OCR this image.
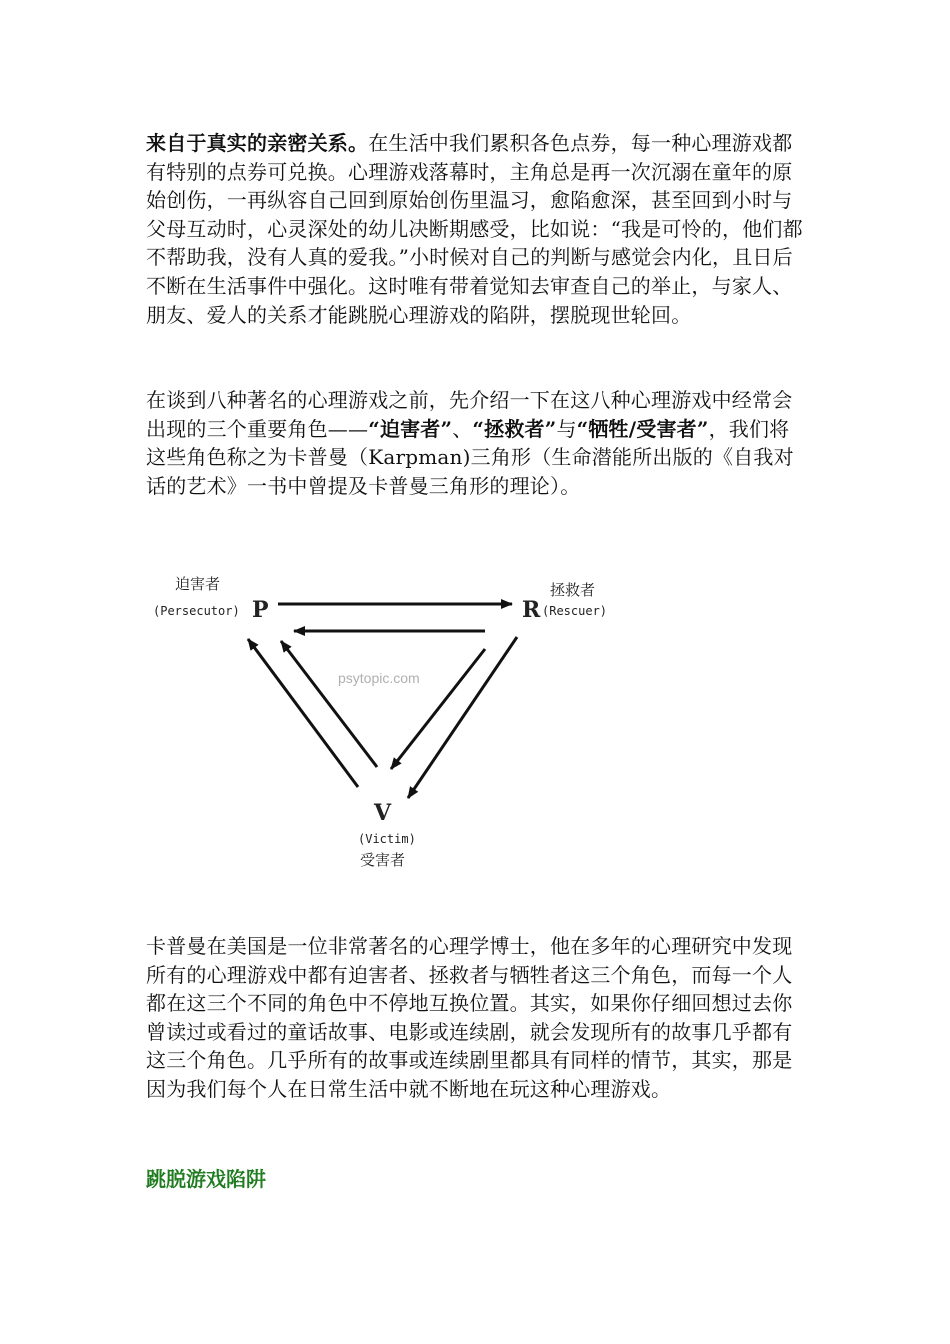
来自于真实的亲密关系。在生活中我们累积各色点券，每一种心理游戏都有特别的点券可兑换。心理游戏落幕时，主角总是再一次沉溺在童年的原始创伤，一再纵容自己回到原始创伤里温习，愈陷愈深，甚至回到小时与父母互动时，心灵深处的幼儿决断期感受，比如说：“我是可怜的，他们都不帮助我，没有人真的爱我。”小时候对自己的判断与感觉会内化，且日后不断在生活事件中强化。这时唯有带着觉知去审查自己的举止，与家人、朋友、爱人的关系才能跳脱心理游戏的陷阱，摆脱现世轮回。

在谈到八种著名的心理游戏之前，先介绍一下在这八种心理游戏中经常会出现的三个重要角色——“迫害者”、“拯救者”与“牺牲/受害者”，我们将这些角色称之为卡普曼（Karpman)三角形（生命潜能所出版的《自我对话的艺术》一书中曾提及卡普曼三角形的理论）。

迫害者
(Persecutor) P
拯救者
R (Rescuer)
psytopic.com
V
(Victim)
受害者

卡普曼在美国是一位非常著名的心理学博士，他在多年的心理研究中发现所有的心理游戏中都有迫害者、拯救者与牺牲者这三个角色，而每一个人都在这三个不同的角色中不停地互换位置。其实，如果你仔细回想过去你曾读过或看过的童话故事、电影或连续剧，就会发现所有的故事几乎都有这三个角色。几乎所有的故事或连续剧里都具有同样的情节，其实，那是因为我们每个人在日常生活中就不断地在玩这种心理游戏。

跳脱游戏陷阱
